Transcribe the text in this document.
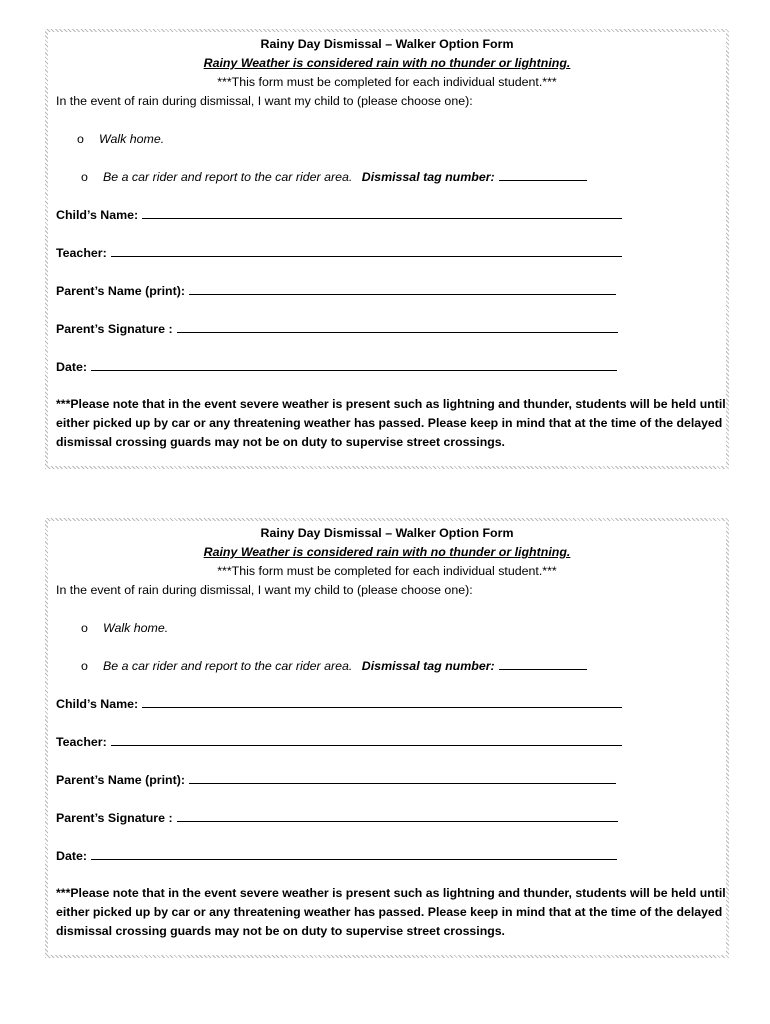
Rainy Day Dismissal – Walker Option Form
Rainy Weather is considered rain with no thunder or lightning.
***This form must be completed for each individual student.***
In the event of rain during dismissal, I want my child to (please choose one):
o Walk home.
o Be a car rider and report to the car rider area. Dismissal tag number:
Child’s Name:
Teacher:
Parent’s Name (print):
Parent’s Signature :
Date:
***Please note that in the event severe weather is present such as lightning and thunder, students will be held until either picked up by car or any threatening weather has passed. Please keep in mind that at the time of the delayed dismissal crossing guards may not be on duty to supervise street crossings.
Rainy Day Dismissal – Walker Option Form
Rainy Weather is considered rain with no thunder or lightning.
***This form must be completed for each individual student.***
In the event of rain during dismissal, I want my child to (please choose one):
o Walk home.
o Be a car rider and report to the car rider area. Dismissal tag number:
Child’s Name:
Teacher:
Parent’s Name (print):
Parent’s Signature :
Date:
***Please note that in the event severe weather is present such as lightning and thunder, students will be held until either picked up by car or any threatening weather has passed. Please keep in mind that at the time of the delayed dismissal crossing guards may not be on duty to supervise street crossings.
